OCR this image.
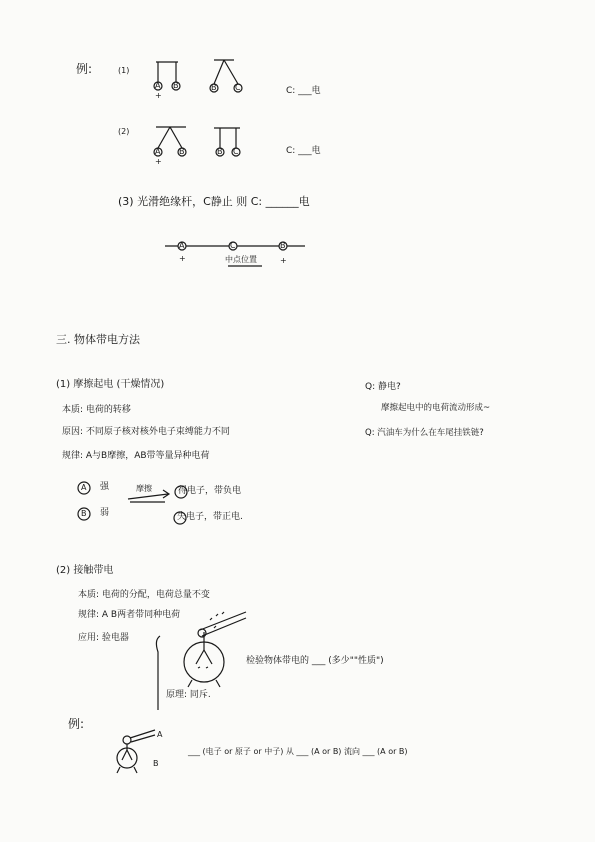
A B	B C
A B	B C
A	C	B
例:	(1)
+	C: ___电
(2)
+
C: ___电
(3) 光滑绝缘杆，C静止 则 C: ______电
+	中点位置	+
三. 物体带电方法
(1) 摩擦起电 (干燥情况)
本质: 电荷的转移
原因: 不同原子核对核外电子束缚能力不同
规律: A与B摩擦，AB带等量异种电荷
A 强
B 弱
摩擦	得电子，带负电
失电子，带正电.
Q: 静电?
摩擦起电中的电荷流动形成~
Q: 汽油车为什么在车尾挂铁链?
(2) 接触带电
本质: 电荷的分配，电荷总量不变
规律: A B两者带同种电荷
应用: 验电器
检验物体带电的 ___ (多少""性质")
原理: 同斥.
例:
A
B
___ (电子 or 原子 or 中子) 从 ___ (A or B) 流向 ___ (A or B)
